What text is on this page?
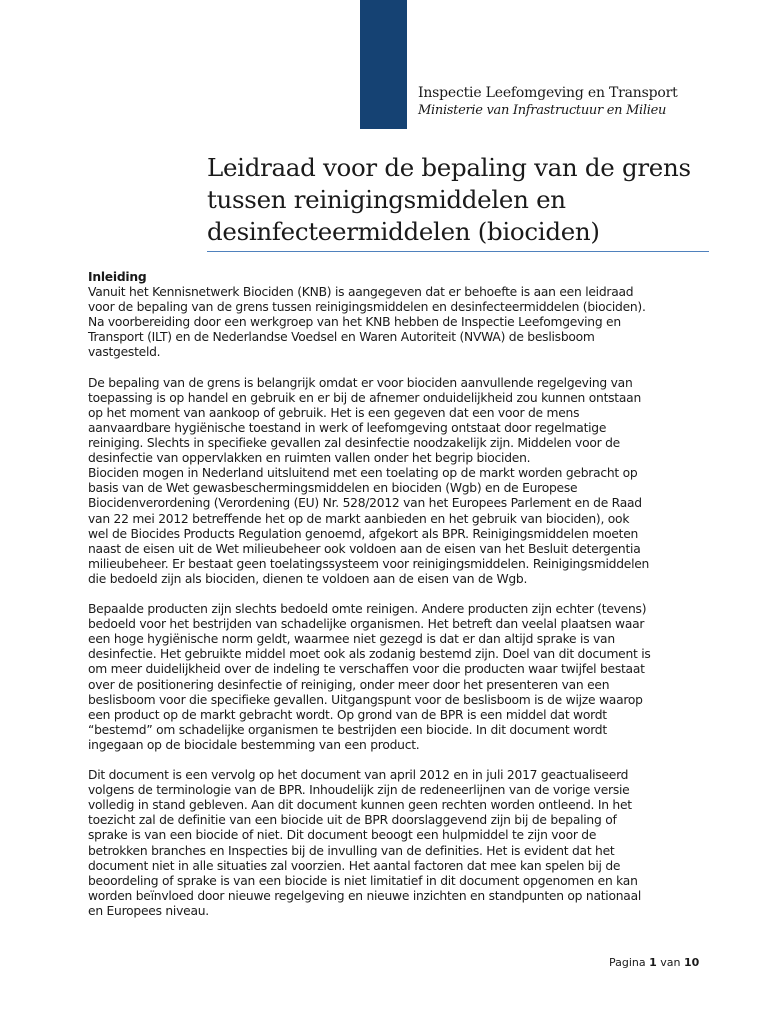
Inspectie Leefomgeving en Transport
Ministerie van Infrastructuur en Milieu
Leidraad voor de bepaling van de grens
tussen reinigingsmiddelen en
desinfecteermiddelen (biociden)
Inleiding
Vanuit het Kennisnetwerk Biociden (KNB) is aangegeven dat er behoefte is aan een leidraad
voor de bepaling van de grens tussen reinigingsmiddelen en desinfecteermiddelen (biociden).
Na voorbereiding door een werkgroep van het KNB hebben de Inspectie Leefomgeving en
Transport (ILT) en de Nederlandse Voedsel en Waren Autoriteit (NVWA) de beslisboom
vastgesteld.
De bepaling van de grens is belangrijk omdat er voor biociden aanvullende regelgeving van
toepassing is op handel en gebruik en er bij de afnemer onduidelijkheid zou kunnen ontstaan
op het moment van aankoop of gebruik. Het is een gegeven dat een voor de mens
aanvaardbare hygiënische toestand in werk of leefomgeving ontstaat door regelmatige
reiniging. Slechts in specifieke gevallen zal desinfectie noodzakelijk zijn. Middelen voor de
desinfectie van oppervlakken en ruimten vallen onder het begrip biociden.
Biociden mogen in Nederland uitsluitend met een toelating op de markt worden gebracht op
basis van de Wet gewasbeschermingsmiddelen en biociden (Wgb) en de Europese
Biocidenverordening (Verordening (EU) Nr. 528/2012 van het Europees Parlement en de Raad
van 22 mei 2012 betreffende het op de markt aanbieden en het gebruik van biociden), ook
wel de Biocides Products Regulation genoemd, afgekort als BPR. Reinigingsmiddelen moeten
naast de eisen uit de Wet milieubeheer ook voldoen aan de eisen van het Besluit detergentia
milieubeheer. Er bestaat geen toelatingssysteem voor reinigingsmiddelen. Reinigingsmiddelen
die bedoeld zijn als biociden, dienen te voldoen aan de eisen van de Wgb.
Bepaalde producten zijn slechts bedoeld omte reinigen. Andere producten zijn echter (tevens)
bedoeld voor het bestrijden van schadelijke organismen. Het betreft dan veelal plaatsen waar
een hoge hygiënische norm geldt, waarmee niet gezegd is dat er dan altijd sprake is van
desinfectie. Het gebruikte middel moet ook als zodanig bestemd zijn. Doel van dit document is
om meer duidelijkheid over de indeling te verschaffen voor die producten waar twijfel bestaat
over de positionering desinfectie of reiniging, onder meer door het presenteren van een
beslisboom voor die specifieke gevallen. Uitgangspunt voor de beslisboom is de wijze waarop
een product op de markt gebracht wordt. Op grond van de BPR is een middel dat wordt
“bestemd” om schadelijke organismen te bestrijden een biocide. In dit document wordt
ingegaan op de biocidale bestemming van een product.
Dit document is een vervolg op het document van april 2012 en in juli 2017 geactualiseerd
volgens de terminologie van de BPR. Inhoudelijk zijn de redeneerlijnen van de vorige versie
volledig in stand gebleven. Aan dit document kunnen geen rechten worden ontleend. In het
toezicht zal de definitie van een biocide uit de BPR doorslaggevend zijn bij de bepaling of
sprake is van een biocide of niet. Dit document beoogt een hulpmiddel te zijn voor de
betrokken branches en Inspecties bij de invulling van de definities. Het is evident dat het
document niet in alle situaties zal voorzien. Het aantal factoren dat mee kan spelen bij de
beoordeling of sprake is van een biocide is niet limitatief in dit document opgenomen en kan
worden beïnvloed door nieuwe regelgeving en nieuwe inzichten en standpunten op nationaal
en Europees niveau.
Pagina 1 van 10
